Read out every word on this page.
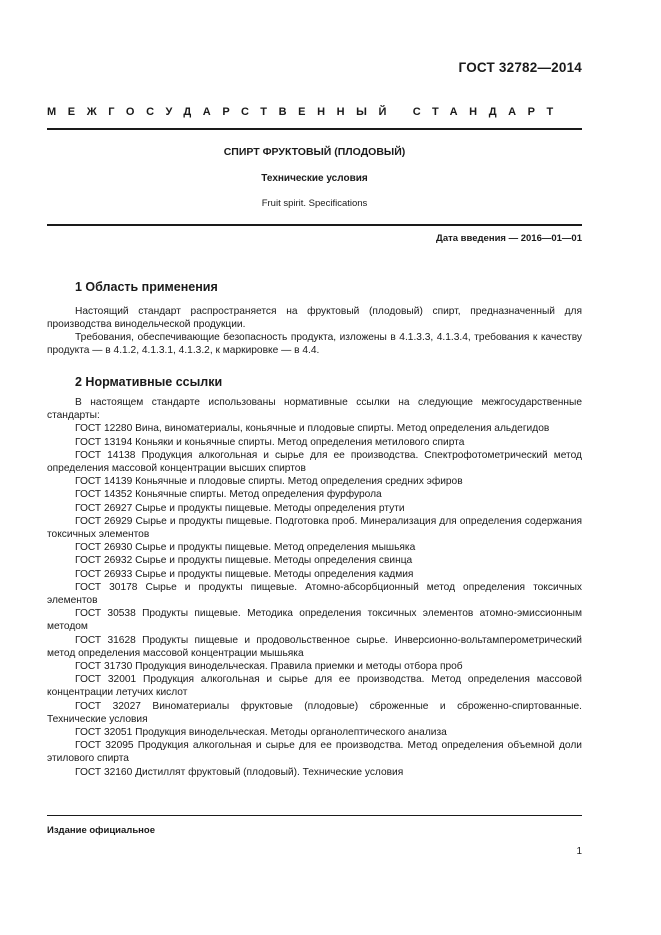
ГОСТ 32782—2014
МЕЖГОСУДАРСТВЕННЫЙ СТАНДАРТ
СПИРТ ФРУКТОВЫЙ (ПЛОДОВЫЙ)
Технические условия
Fruit spirit. Specifications
Дата введения — 2016—01—01
1 Область применения

Настоящий стандарт распространяется на фруктовый (плодовый) спирт, предназначенный для производства винодельческой продукции.

Требования, обеспечивающие безопасность продукта, изложены в 4.1.3.3, 4.1.3.4, требования к качеству продукта — в 4.1.2, 4.1.3.1, 4.1.3.2, к маркировке — в 4.4.

2 Нормативные ссылки

В настоящем стандарте использованы нормативные ссылки на следующие межгосударственные стандарты:

ГОСТ 12280 Вина, виноматериалы, коньячные и плодовые спирты. Метод определения альдегидов

ГОСТ 13194 Коньяки и коньячные спирты. Метод определения метилового спирта

ГОСТ 14138 Продукция алкогольная и сырье для ее производства. Спектрофотометрический метод определения массовой концентрации высших спиртов

ГОСТ 14139 Коньячные и плодовые спирты. Метод определения средних эфиров

ГОСТ 14352 Коньячные спирты. Метод определения фурфурола

ГОСТ 26927 Сырье и продукты пищевые. Методы определения ртути

ГОСТ 26929 Сырье и продукты пищевые. Подготовка проб. Минерализация для определения содержания токсичных элементов

ГОСТ 26930 Сырье и продукты пищевые. Метод определения мышьяка

ГОСТ 26932 Сырье и продукты пищевые. Методы определения свинца

ГОСТ 26933 Сырье и продукты пищевые. Методы определения кадмия

ГОСТ 30178 Сырье и продукты пищевые. Атомно-абсорбционный метод определения токсичных элементов

ГОСТ 30538 Продукты пищевые. Методика определения токсичных элементов атомно-эмиссионным методом

ГОСТ 31628 Продукты пищевые и продовольственное сырье. Инверсионно-вольтамперометрический метод определения массовой концентрации мышьяка

ГОСТ 31730 Продукция винодельческая. Правила приемки и методы отбора проб

ГОСТ 32001 Продукция алкогольная и сырье для ее производства. Метод определения массовой концентрации летучих кислот

ГОСТ 32027 Виноматериалы фруктовые (плодовые) сброженные и сброженно-спиртованные. Технические условия

ГОСТ 32051 Продукция винодельческая. Методы органолептического анализа

ГОСТ 32095 Продукция алкогольная и сырье для ее производства. Метод определения объемной доли этилового спирта

ГОСТ 32160 Дистиллят фруктовый (плодовый). Технические условия

Издание официальное
1
